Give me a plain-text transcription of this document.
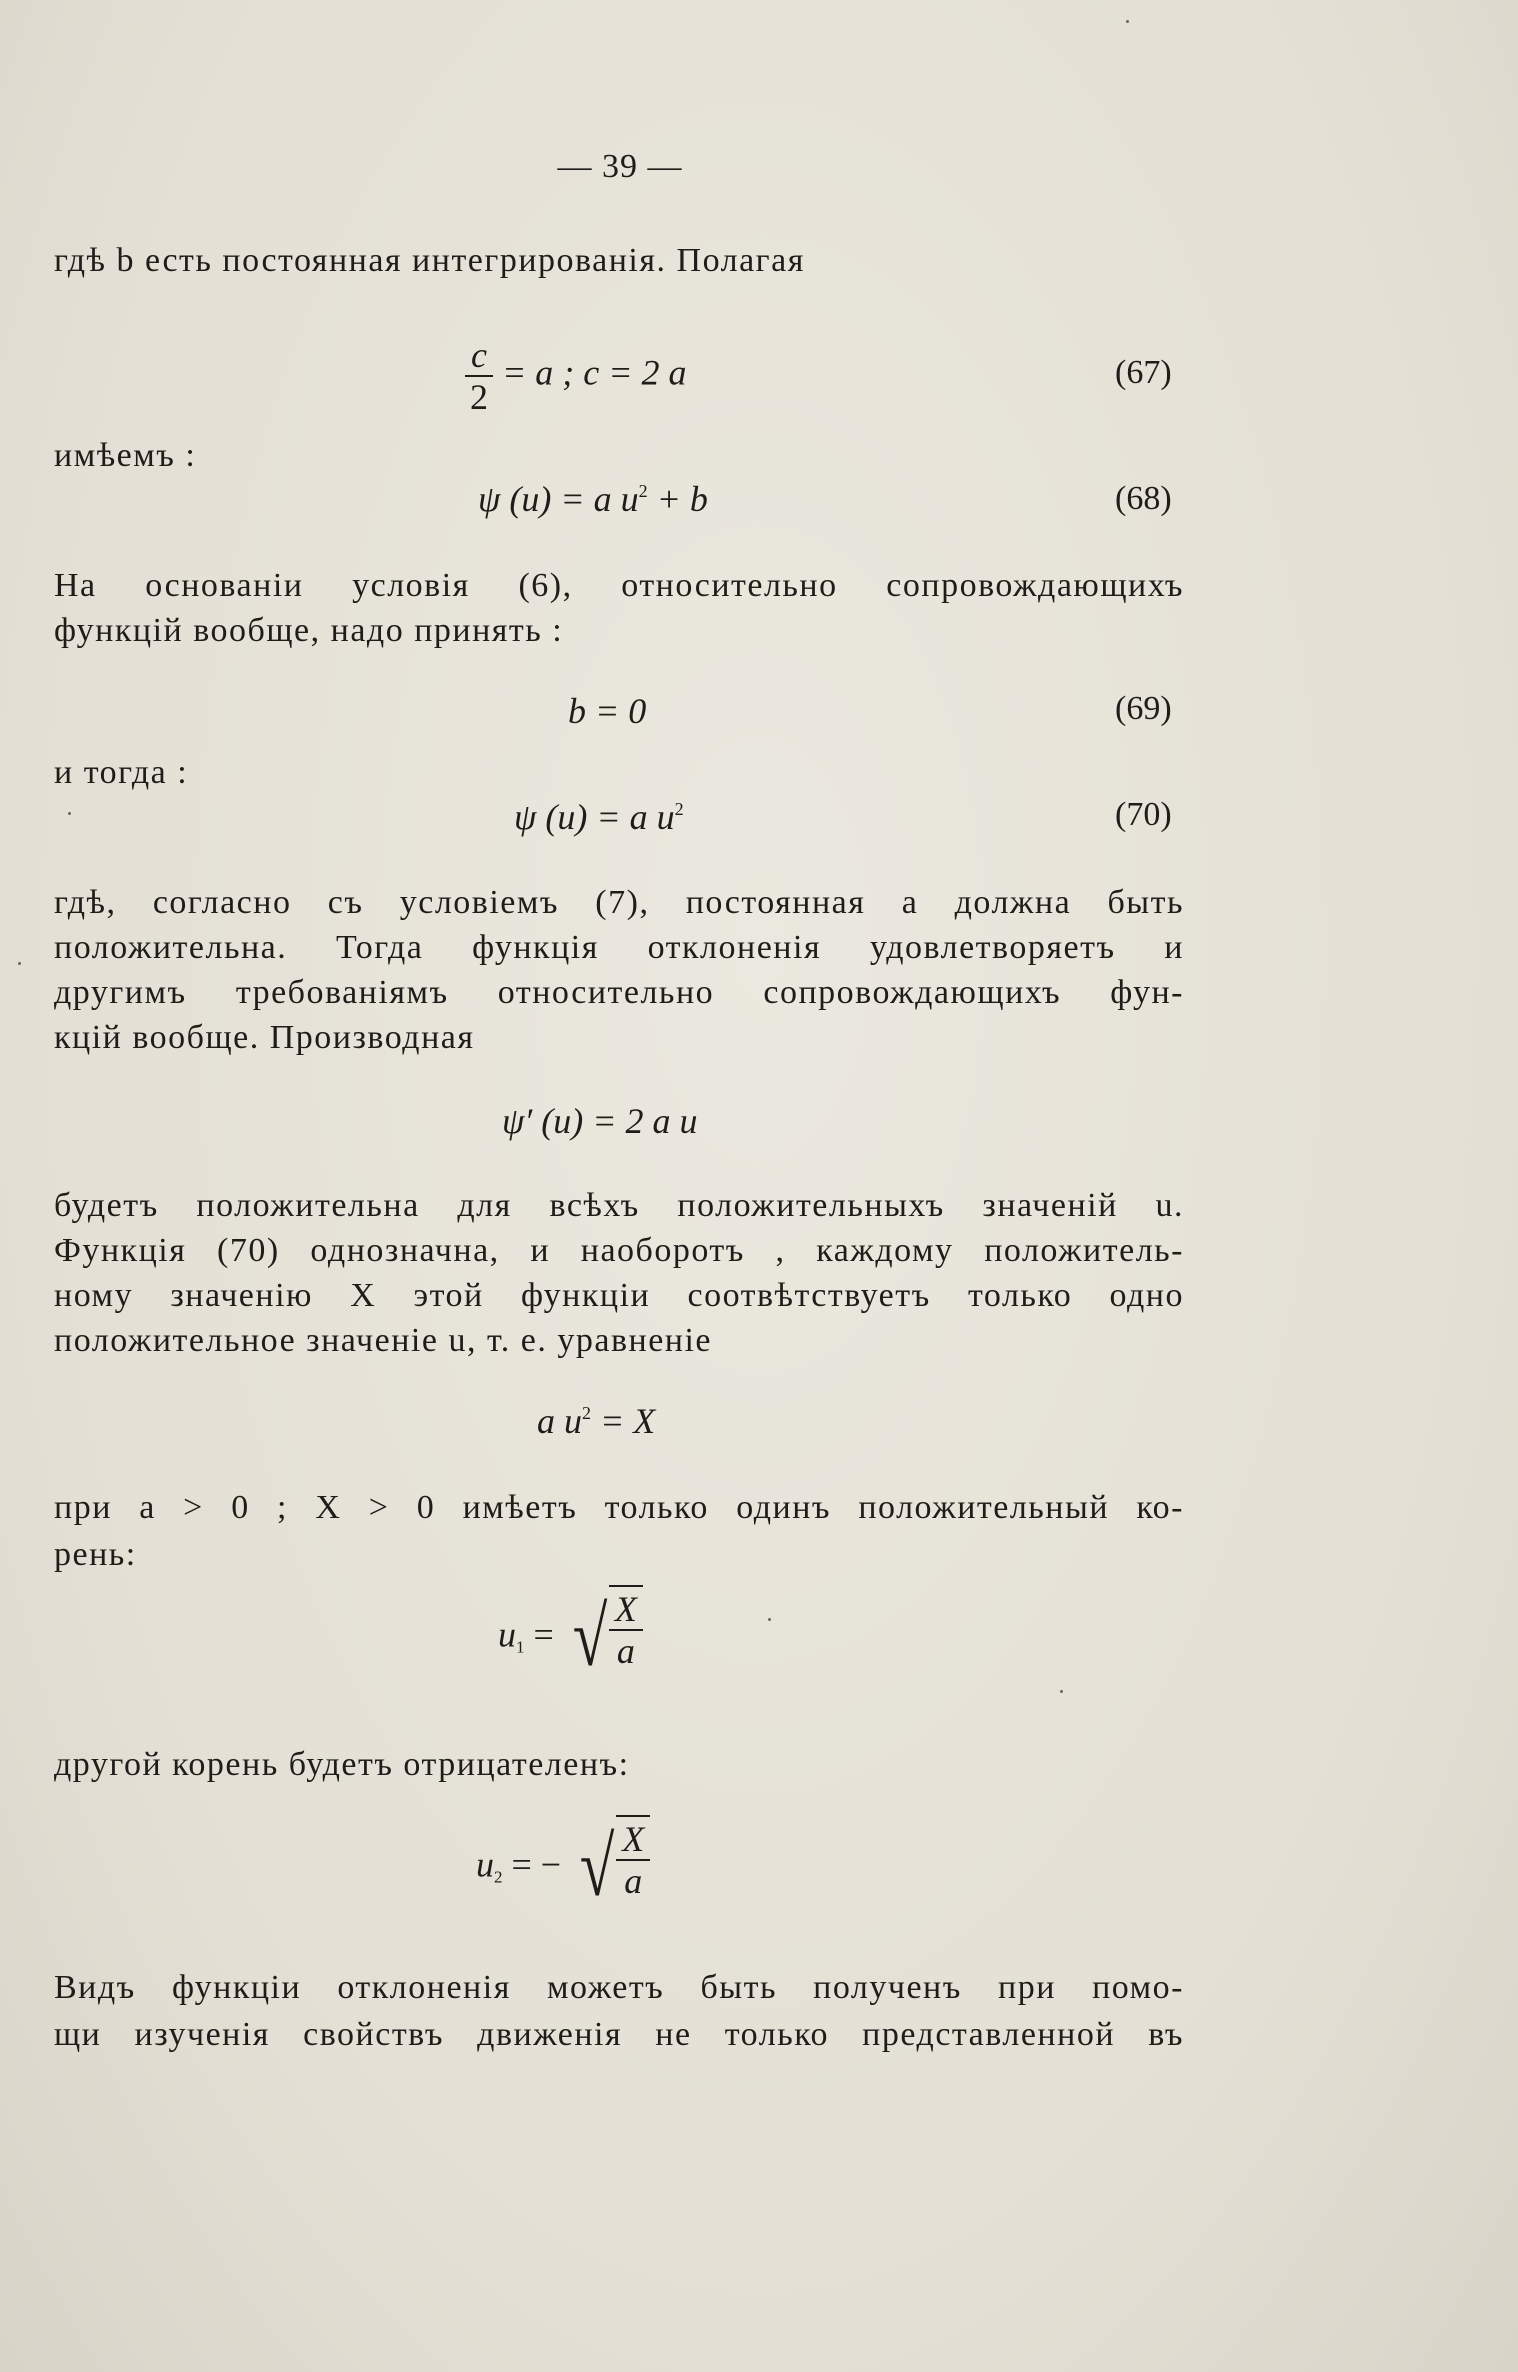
— 39 —
гдѣ b есть постоянная интегрированія. Полагая
$\frac{c}{2} = a$ ; c = 2 a	(67)
имѣемъ :
ψ (u) = a $u^2 + b$	(68)
На основаніи условія (6), относительно сопровождающихъ
функцій вообще, надо принять :
b = 0	(69)
и тогда :
ψ (u) = a $u^2$	(70)
гдѣ, согласно съ условіемъ (7), постоянная a должна быть
положительна. Тогда функція отклоненія удовлетворяетъ и
другимъ требованіямъ относительно сопровождающихъ фун-
кцій вообще. Производная
ψ′ (u) = 2 a u
будетъ положительна для всѣхъ положительныхъ значеній u.
Функція (70) однозначна, и наоборотъ , каждому положитель-
ному значенію X этой функціи соотвѣтствуетъ только одно
положительное значеніе u, т. е. уравненіе
a $u^2 = X$
при a > 0 ; X > 0 имѣетъ только одинъ положительный ко-
рень:
$u_1$ = √ $\frac{X}{a}$
другой корень будетъ отрицателенъ:
$u_2$ = − √ $\frac{X}{a}$
Видъ функціи отклоненія можетъ быть полученъ при помо-
щи изученія свойствъ движенія не только представленной въ
